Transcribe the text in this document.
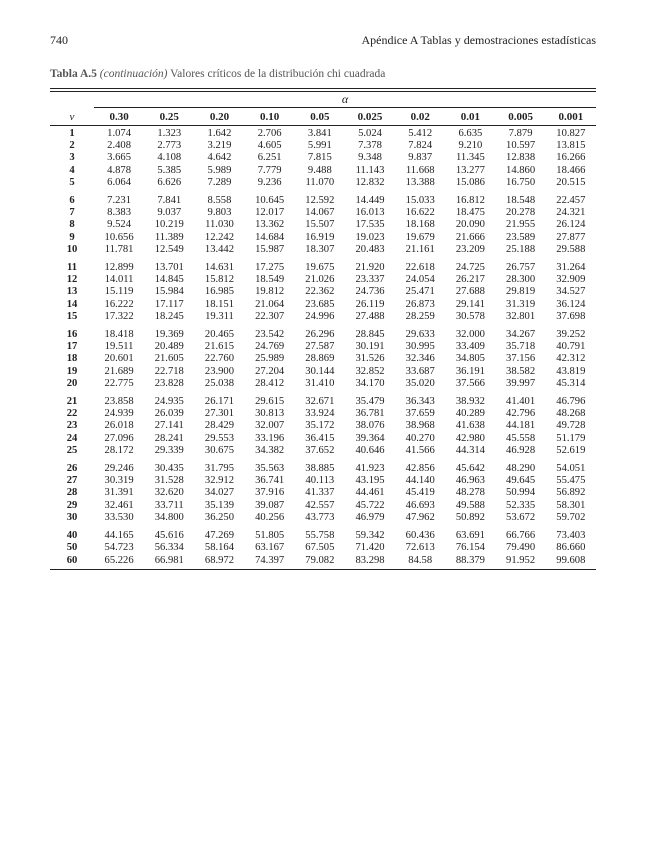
740	Apéndice A Tablas y demostraciones estadísticas
Tabla A.5 (continuación) Valores críticos de la distribución chi cuadrada
α
v	0.30	0.25	0.20	0.10	0.05	0.025	0.02	0.01	0.005	0.001
1	1.074	1.323	1.642	2.706	3.841	5.024	5.412	6.635	7.879	10.827
2	2.408	2.773	3.219	4.605	5.991	7.378	7.824	9.210	10.597	13.815
3	3.665	4.108	4.642	6.251	7.815	9.348	9.837	11.345	12.838	16.266
4	4.878	5.385	5.989	7.779	9.488	11.143	11.668	13.277	14.860	18.466
5	6.064	6.626	7.289	9.236	11.070	12.832	13.388	15.086	16.750	20.515
6	7.231	7.841	8.558	10.645	12.592	14.449	15.033	16.812	18.548	22.457
7	8.383	9.037	9.803	12.017	14.067	16.013	16.622	18.475	20.278	24.321
8	9.524	10.219	11.030	13.362	15.507	17.535	18.168	20.090	21.955	26.124
9	10.656	11.389	12.242	14.684	16.919	19.023	19.679	21.666	23.589	27.877
10	11.781	12.549	13.442	15.987	18.307	20.483	21.161	23.209	25.188	29.588
11	12.899	13.701	14.631	17.275	19.675	21.920	22.618	24.725	26.757	31.264
12	14.011	14.845	15.812	18.549	21.026	23.337	24.054	26.217	28.300	32.909
13	15.119	15.984	16.985	19.812	22.362	24.736	25.471	27.688	29.819	34.527
14	16.222	17.117	18.151	21.064	23.685	26.119	26.873	29.141	31.319	36.124
15	17.322	18.245	19.311	22.307	24.996	27.488	28.259	30.578	32.801	37.698
16	18.418	19.369	20.465	23.542	26.296	28.845	29.633	32.000	34.267	39.252
17	19.511	20.489	21.615	24.769	27.587	30.191	30.995	33.409	35.718	40.791
18	20.601	21.605	22.760	25.989	28.869	31.526	32.346	34.805	37.156	42.312
19	21.689	22.718	23.900	27.204	30.144	32.852	33.687	36.191	38.582	43.819
20	22.775	23.828	25.038	28.412	31.410	34.170	35.020	37.566	39.997	45.314
21	23.858	24.935	26.171	29.615	32.671	35.479	36.343	38.932	41.401	46.796
22	24.939	26.039	27.301	30.813	33.924	36.781	37.659	40.289	42.796	48.268
23	26.018	27.141	28.429	32.007	35.172	38.076	38.968	41.638	44.181	49.728
24	27.096	28.241	29.553	33.196	36.415	39.364	40.270	42.980	45.558	51.179
25	28.172	29.339	30.675	34.382	37.652	40.646	41.566	44.314	46.928	52.619
26	29.246	30.435	31.795	35.563	38.885	41.923	42.856	45.642	48.290	54.051
27	30.319	31.528	32.912	36.741	40.113	43.195	44.140	46.963	49.645	55.475
28	31.391	32.620	34.027	37.916	41.337	44.461	45.419	48.278	50.994	56.892
29	32.461	33.711	35.139	39.087	42.557	45.722	46.693	49.588	52.335	58.301
30	33.530	34.800	36.250	40.256	43.773	46.979	47.962	50.892	53.672	59.702
40	44.165	45.616	47.269	51.805	55.758	59.342	60.436	63.691	66.766	73.403
50	54.723	56.334	58.164	63.167	67.505	71.420	72.613	76.154	79.490	86.660
60	65.226	66.981	68.972	74.397	79.082	83.298	84.58	88.379	91.952	99.608
